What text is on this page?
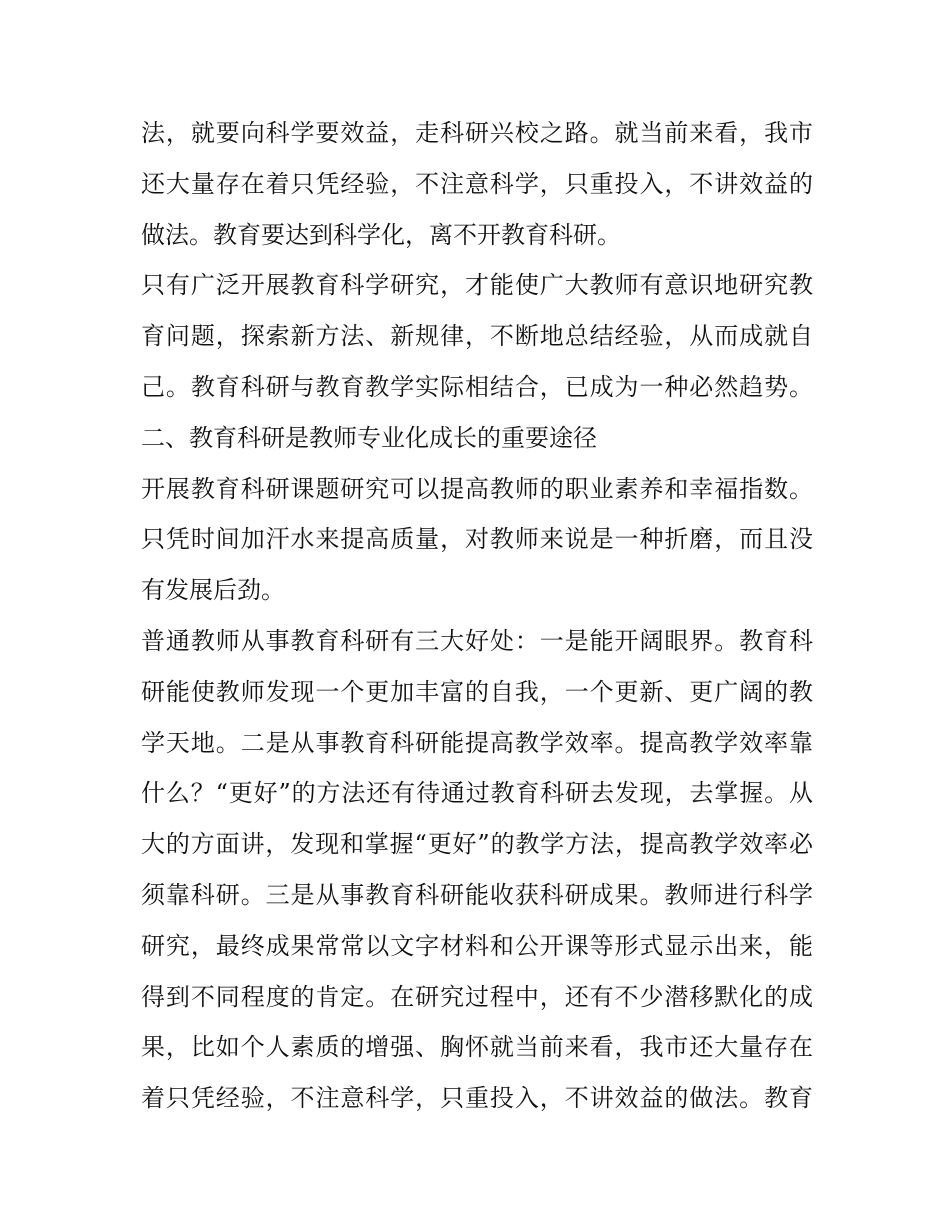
法，就要向科学要效益，走科研兴校之路。就当前来看，我市
还大量存在着只凭经验，不注意科学，只重投入，不讲效益的
做法。教育要达到科学化，离不开教育科研。
只有广泛开展教育科学研究，才能使广大教师有意识地研究教
育问题，探索新方法、新规律，不断地总结经验，从而成就自
己。教育科研与教育教学实际相结合，已成为一种必然趋势。
二、教育科研是教师专业化成长的重要途径
开展教育科研课题研究可以提高教师的职业素养和幸福指数。
只凭时间加汗水来提高质量，对教师来说是一种折磨，而且没
有发展后劲。
普通教师从事教育科研有三大好处：一是能开阔眼界。教育科
研能使教师发现一个更加丰富的自我，一个更新、更广阔的教
学天地。二是从事教育科研能提高教学效率。提高教学效率靠
什么？“更好”的方法还有待通过教育科研去发现，去掌握。从
大的方面讲，发现和掌握“更好”的教学方法，提高教学效率必
须靠科研。三是从事教育科研能收获科研成果。教师进行科学
研究，最终成果常常以文字材料和公开课等形式显示出来，能
得到不同程度的肯定。在研究过程中，还有不少潜移默化的成
果，比如个人素质的增强、胸怀就当前来看，我市还大量存在
着只凭经验，不注意科学，只重投入，不讲效益的做法。教育
